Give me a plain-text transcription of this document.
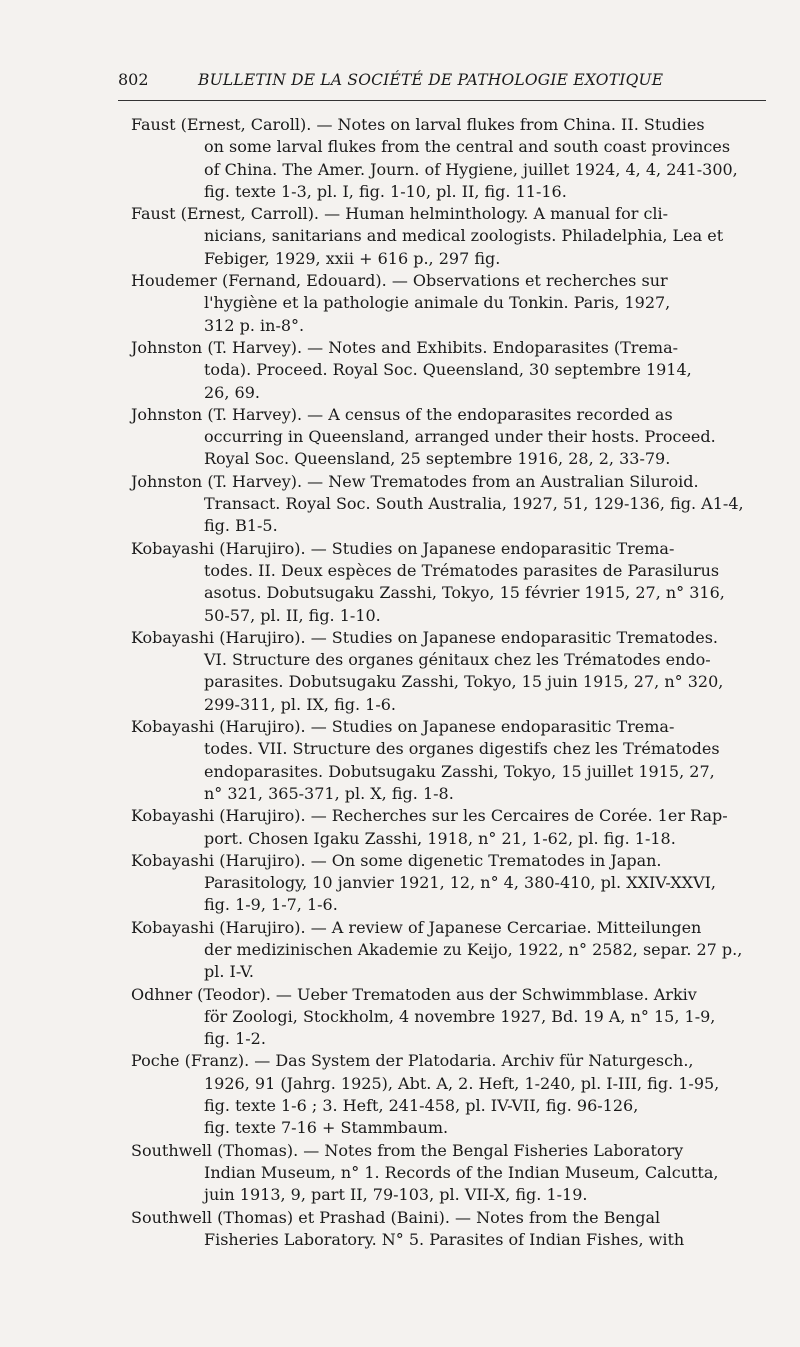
802	BULLETIN DE LA SOCIÉTÉ DE PATHOLOGIE EXOTIQUE
Faust (Ernest, Caroll). — Notes on larval flukes from China. II. Studies
on some larval flukes from the central and south coast provinces
of China. The Amer. Journ. of Hygiene, juillet 1924, 4, 4, 241-300,
fig. texte 1-3, pl. I, fig. 1-10, pl. II, fig. 11-16.
Faust (Ernest, Carroll). — Human helminthology. A manual for cli-
nicians, sanitarians and medical zoologists. Philadelphia, Lea et
Febiger, 1929, xxii + 616 p., 297 fig.
Houdemer (Fernand, Edouard). — Observations et recherches sur
l'hygiène et la pathologie animale du Tonkin. Paris, 1927,
312 p. in-8°.
Johnston (T. Harvey). — Notes and Exhibits. Endoparasites (Trema-
toda). Proceed. Royal Soc. Queensland, 30 septembre 1914,
26, 69.
Johnston (T. Harvey). — A census of the endoparasites recorded as
occurring in Queensland, arranged under their hosts. Proceed.
Royal Soc. Queensland, 25 septembre 1916, 28, 2, 33-79.
Johnston (T. Harvey). — New Trematodes from an Australian Siluroid.
Transact. Royal Soc. South Australia, 1927, 51, 129-136, fig. A1-4,
fig. B1-5.
Kobayashi (Harujiro). — Studies on Japanese endoparasitic Trema-
todes. II. Deux espèces de Trématodes parasites de Parasilurus
asotus. Dobutsugaku Zasshi, Tokyo, 15 février 1915, 27, n° 316,
50-57, pl. II, fig. 1-10.
Kobayashi (Harujiro). — Studies on Japanese endoparasitic Trematodes.
VI. Structure des organes génitaux chez les Trématodes endo-
parasites. Dobutsugaku Zasshi, Tokyo, 15 juin 1915, 27, n° 320,
299-311, pl. IX, fig. 1-6.
Kobayashi (Harujiro). — Studies on Japanese endoparasitic Trema-
todes. VII. Structure des organes digestifs chez les Trématodes
endoparasites. Dobutsugaku Zasshi, Tokyo, 15 juillet 1915, 27,
n° 321, 365-371, pl. X, fig. 1-8.
Kobayashi (Harujiro). — Recherches sur les Cercaires de Corée. 1er Rap-
port. Chosen Igaku Zasshi, 1918, n° 21, 1-62, pl. fig. 1-18.
Kobayashi (Harujiro). — On some digenetic Trematodes in Japan.
Parasitology, 10 janvier 1921, 12, n° 4, 380-410, pl. XXIV-XXVI,
fig. 1-9, 1-7, 1-6.
Kobayashi (Harujiro). — A review of Japanese Cercariae. Mitteilungen
der medizinischen Akademie zu Keijo, 1922, n° 2582, separ. 27 p.,
pl. I-V.
Odhner (Teodor). — Ueber Trematoden aus der Schwimmblase. Arkiv
för Zoologi, Stockholm, 4 novembre 1927, Bd. 19 A, n° 15, 1-9,
fig. 1-2.
Poche (Franz). — Das System der Platodaria. Archiv für Naturgesch.,
1926, 91 (Jahrg. 1925), Abt. A, 2. Heft, 1-240, pl. I-III, fig. 1-95,
fig. texte 1-6 ; 3. Heft, 241-458, pl. IV-VII, fig. 96-126,
fig. texte 7-16 + Stammbaum.
Southwell (Thomas). — Notes from the Bengal Fisheries Laboratory
Indian Museum, n° 1. Records of the Indian Museum, Calcutta,
juin 1913, 9, part II, 79-103, pl. VII-X, fig. 1-19.
Southwell (Thomas) et Prashad (Baini). — Notes from the Bengal
Fisheries Laboratory. N° 5. Parasites of Indian Fishes, with
